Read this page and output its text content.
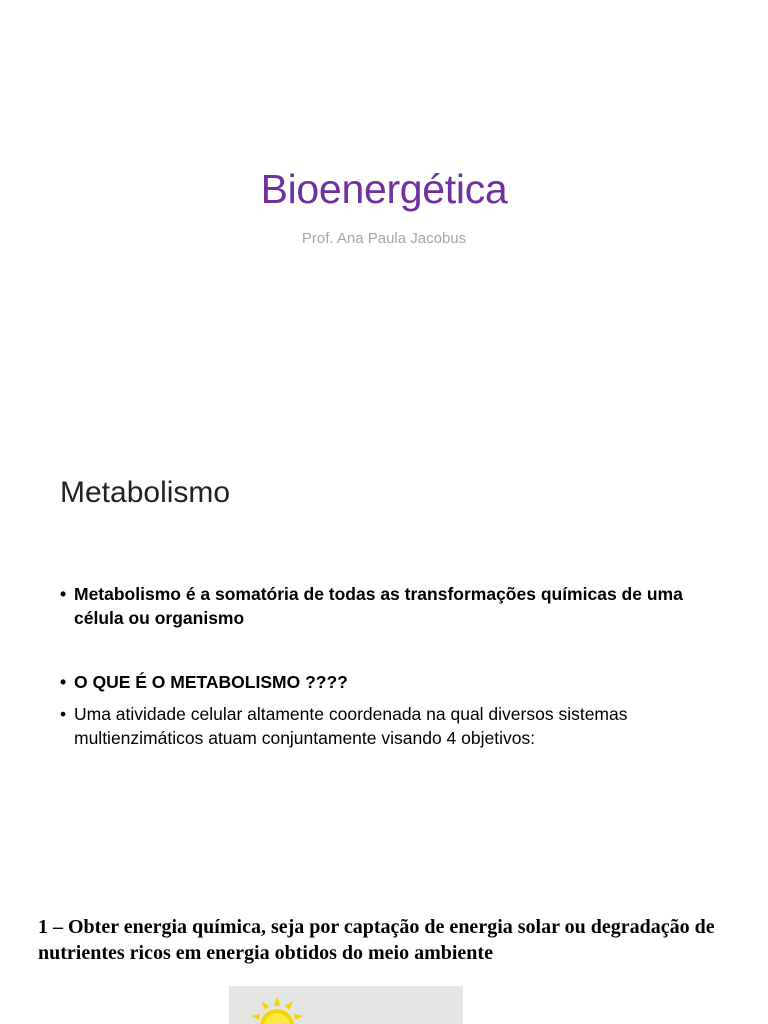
Bioenergética
Prof. Ana Paula Jacobus
Metabolismo
• Metabolismo é a somatória de todas as transformações químicas de uma célula ou organismo
• O QUE É O METABOLISMO ????
• Uma atividade celular altamente coordenada na qual diversos sistemas multienzimáticos atuam conjuntamente visando 4 objetivos:
1 – Obter energia química, seja por captação de energia solar ou degradação de nutrientes ricos em energia obtidos do meio ambiente
